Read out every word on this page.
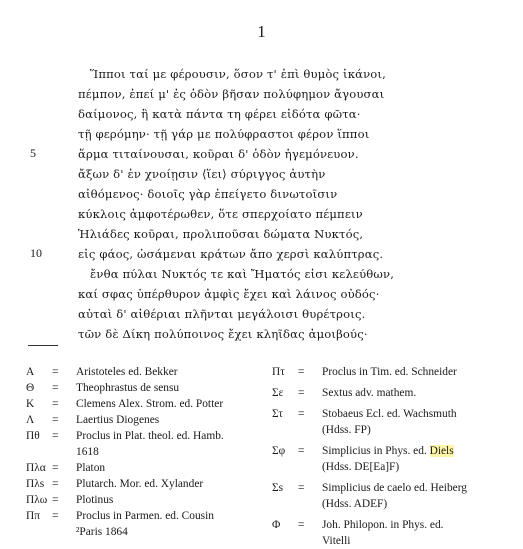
1
Ἵπποι ταί με φέρουσιν, ὅσον τ' ἐπὶ θυμὸς ἱκάνοι,
πέμπον, ἐπεί μ' ἐς ὁδὸν βῆσαν πολύφημον ἄγουσαι
δαίμονος, ἣ κατὰ πάντα τη φέρει εἰδότα φῶτα·
τῇ φερόμην· τῇ γάρ με πολύφραστοι φέρον ἵπποι
5	ἅρμα τιταίνουσαι, κοῦραι δ' ὁδὸν ἡγεμόνευον.
ἄξων δ' ἐν χνοίῃσιν ⟨ἵει⟩ σύριγγος ἀυτὴν
αἰθόμενος· δοιοῖς γὰρ ἐπείγετο δινωτοῖσιν
κύκλοις ἀμφοτέρωθεν, ὅτε σπερχοίατο πέμπειν
Ἡλιάδες κοῦραι, προλιποῦσαι δώματα Νυκτός,
10	εἰς φάος, ὠσάμεναι κράτων ἄπο χερσὶ καλύπτρας.
ἔνθα πύλαι Νυκτός τε καὶ Ἤματός εἰσι κελεύθων,
καί σφας ὑπέρθυρον ἀμφὶς ἔχει καὶ λάινος οὐδός·
αὐταὶ δ' αἰθέριαι πλῆνται μεγάλοισι θυρέτροις.
τῶν δὲ Δίκη πολύποινος ἔχει κληῖδας ἀμοιβούς·
A	=	Aristoteles ed. Bekker
Θ	=	Theophrastus de sensu
K	=	Clemens Alex. Strom. ed. Potter
Λ	=	Laertius Diogenes
Πθ	=	Proclus in Plat. theol. ed. Hamb.
1618
Πλα =	Platon
Πλs =	Plutarch. Mor. ed. Xylander
Πλω =	Plotinus
Ππ	=	Proclus in Parmen. ed. Cousin
²Paris 1864
Πτ	=	Proclus in Tim. ed. Schneider
Σε	=	Sextus adv. mathem.
Στ	=	Stobaeus Ecl. ed. Wachsmuth
(Hdss. FP)
Σφ	=	Simplicius in Phys. ed. Diels
(Hdss. DE[Ea]F)
Σs	=	Simplicius de caelo ed. Heiberg
(Hdss. ADEF)
Φ	=	Joh. Philopon. in Phys. ed.
Vitelli
